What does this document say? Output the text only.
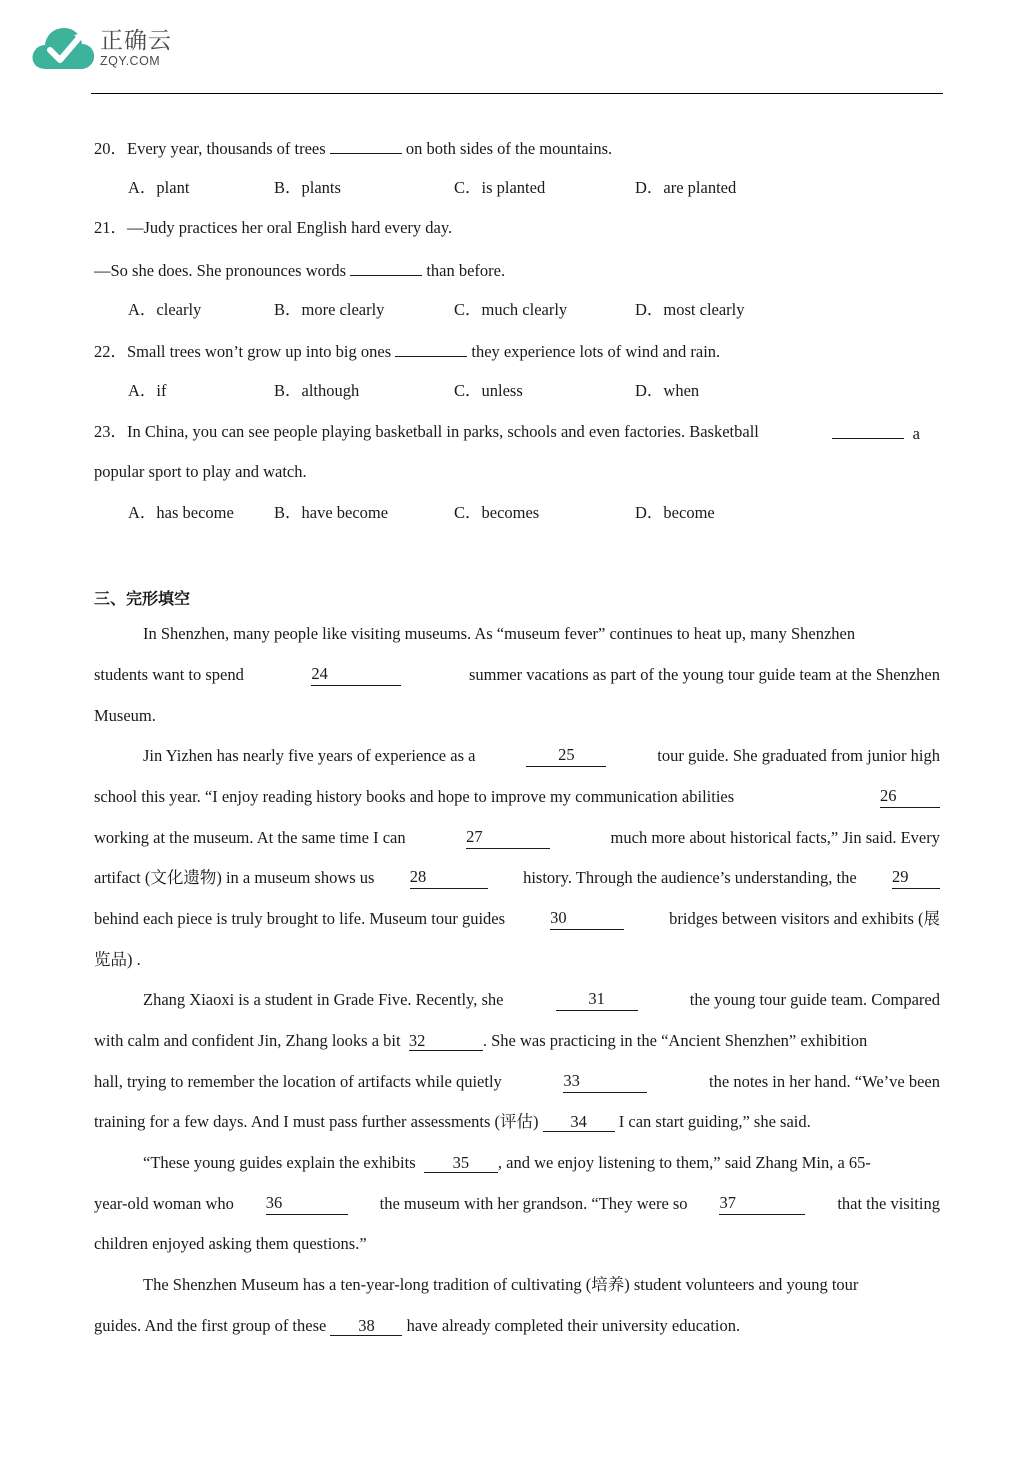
正确云
ZQY.COM
20．Every year, thousands of trees	on both sides of the mountains.
A．plant	B．plants	C．is planted	D．are planted
21．—Judy practices her oral English hard every day.
—So she does. She pronounces words	than before.
A．clearly	B．more clearly	C．much clearly	D．most clearly
22．Small trees won’t grow up into big ones	they experience lots of wind and rain.
A．if	B．although	C．unless	D．when
23．In China, you can see people playing basketball in parks, schools and even factories. Basketball	a
popular sport to play and watch.
A．has become B．have become	C．becomes	D．become
三、完形填空
In Shenzhen, many people like visiting museums. As “museum fever” continues to heat up, many Shenzhen
students want to spend	24	summer vacations as part of the young tour guide team at the Shenzhen
Museum.
Jin Yizhen has nearly five years of experience as a	25	tour guide. She graduated from junior high
school this year. “I enjoy reading history books and hope to improve my communication abilities	26
working at the museum. At the same time I can	27	much more about historical facts,” Jin said. Every
artifact (文化遗物) in a museum shows us 28	history. Through the audience’s understanding, the 29
behind each piece is truly brought to life. Museum tour guides	30	bridges between visitors and exhibits (展
览品) .
Zhang Xiaoxi is a student in Grade Five. Recently, she	31	the young tour guide team. Compared
with calm and confident Jin, Zhang looks a bit 32	. She was practicing in the “Ancient Shenzhen” exhibition
hall, trying to remember the location of artifacts while quietly	33	the notes in her hand. “We’ve been
training for a few days. And I must pass further assessments (评估) 34 I can start guiding,” she said.
“These young guides explain the exhibits 35 , and we enjoy listening to them,” said Zhang Min, a 65-
year-old woman who 36	the museum with her grandson. “They were so 37	that the visiting
children enjoyed asking them questions.”
The Shenzhen Museum has a ten-year-long tradition of cultivating (培养) student volunteers and young tour
guides. And the first group of these 38 have already completed their university education.
